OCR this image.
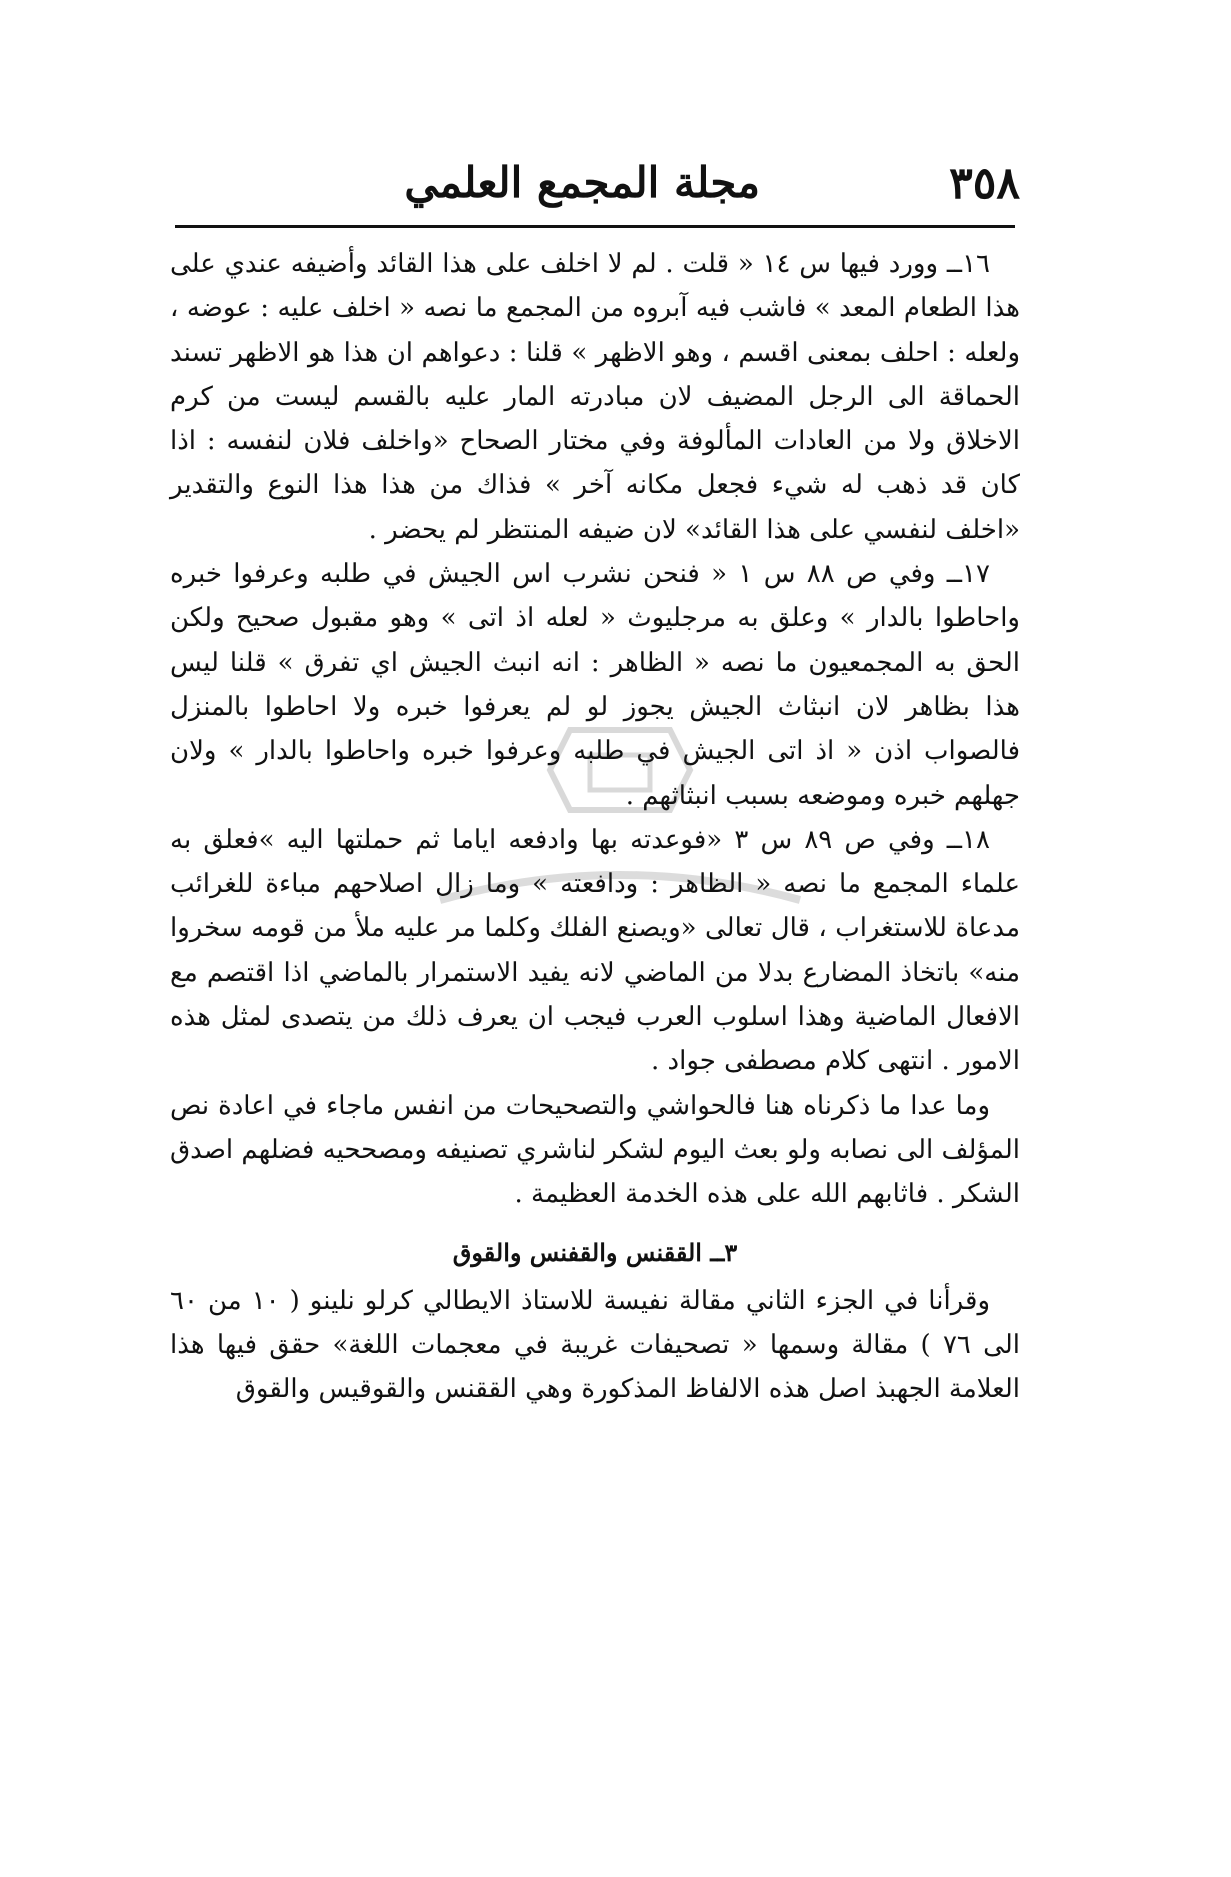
٣٥٨
مجلة المجمع العلمي

١٦ــ وورد فيها س ١٤ « قلت . لم لا اخلف على هذا القائد وأضيفه عندي على هذا الطعام المعد » فاشب فيه آبروه من المجمع ما نصه « اخلف عليه : عوضه ، ولعله : احلف بمعنى اقسم ، وهو الاظهر » قلنا : دعواهم ان هذا هو الاظهر تسند الحماقة الى الرجل المضيف لان مبادرته المار عليه بالقسم ليست من كرم الاخلاق ولا من العادات المألوفة وفي مختار الصحاح «واخلف فلان لنفسه : اذا كان قد ذهب له شيء فجعل مكانه آخر » فذاك من هذا هذا النوع والتقدير «اخلف لنفسي على هذا القائد» لان ضيفه المنتظر لم يحضر .

١٧ــ وفي ص ٨٨ س ١ « فنحن نشرب اس الجيش في طلبه وعرفوا خبره واحاطوا بالدار » وعلق به مرجليوث « لعله اذ اتى » وهو مقبول صحيح ولكن الحق به المجمعيون ما نصه « الظاهر : انه انبث الجيش اي تفرق » قلنا ليس هذا بظاهر لان انبثاث الجيش يجوز لو لم يعرفوا خبره ولا احاطوا بالمنزل فالصواب اذن « اذ اتى الجيش في طلبه وعرفوا خبره واحاطوا بالدار » ولان جهلهم خبره وموضعه بسبب انبثاثهم .

١٨ــ وفي ص ٨٩ س ٣ «فوعدته بها وادفعه اياما ثم حملتها اليه »فعلق به علماء المجمع ما نصه « الظاهر : ودافعته » وما زال اصلاحهم مباءة للغرائب مدعاة للاستغراب ، قال تعالى «ويصنع الفلك وكلما مر عليه ملأ من قومه سخروا منه» باتخاذ المضارع بدلا من الماضي لانه يفيد الاستمرار بالماضي اذا اقتصم مع الافعال الماضية وهذا اسلوب العرب فيجب ان يعرف ذلك من يتصدى لمثل هذه الامور . انتهى كلام مصطفى جواد .

وما عدا ما ذكرناه هنا فالحواشي والتصحيحات من انفس ماجاء في اعادة نص المؤلف الى نصابه ولو بعث اليوم لشكر لناشري تصنيفه ومصححيه فضلهم اصدق الشكر . فاثابهم الله على هذه الخدمة العظيمة .

٣ــ الققنس والقفنس والقوق

وقرأنا في الجزء الثاني مقالة نفيسة للاستاذ الايطالي كرلو نلينو ( ١٠ من ٦٠ الى ٧٦ ) مقالة وسمها « تصحيفات غريبة في معجمات اللغة» حقق فيها هذا العلامة الجهبذ اصل هذه الالفاظ المذكورة وهي الققنس والقوقيس والقوق
